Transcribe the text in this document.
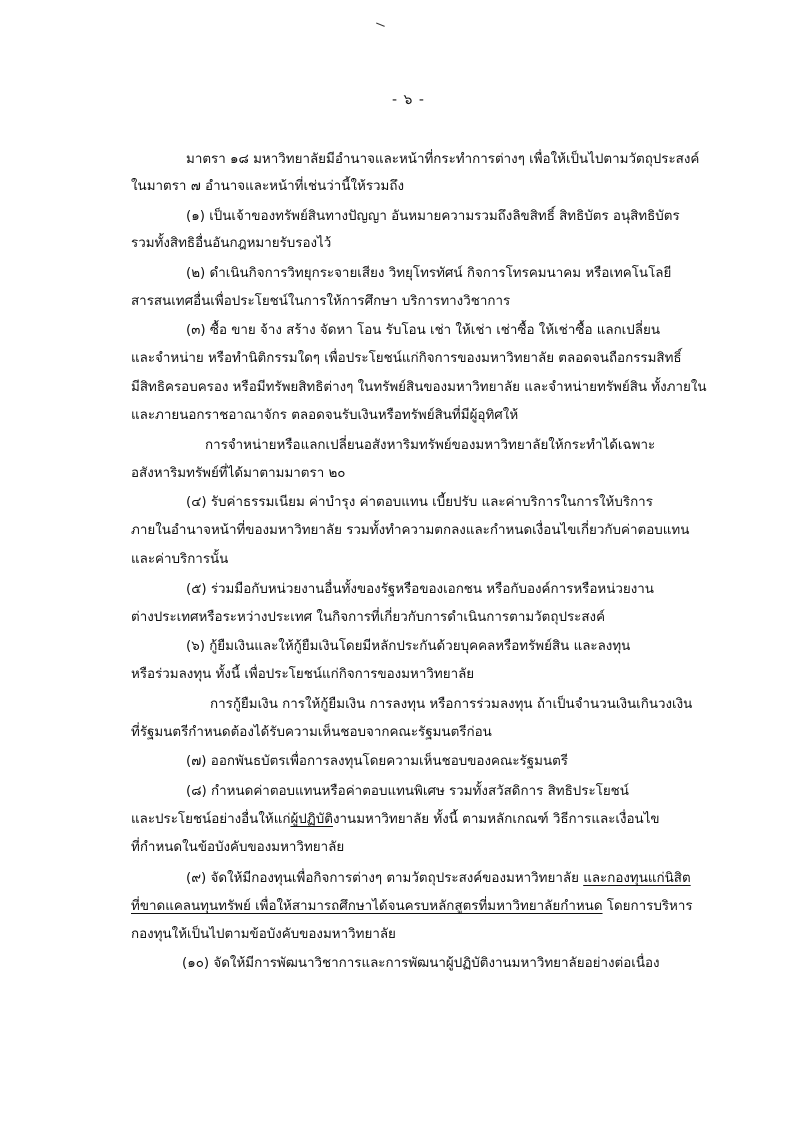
- ๖ -
มาตรา ๑๘ มหาวิทยาลัยมีอำนาจและหน้าที่กระทำการต่างๆ เพื่อให้เป็นไปตามวัตถุประสงค์
ในมาตรา ๗ อำนาจและหน้าที่เช่นว่านี้ให้รวมถึง
(๑) เป็นเจ้าของทรัพย์สินทางปัญญา อันหมายความรวมถึงลิขสิทธิ์ สิทธิบัตร อนุสิทธิบัตร
รวมทั้งสิทธิอื่นอันกฎหมายรับรองไว้
(๒) ดำเนินกิจการวิทยุกระจายเสียง วิทยุโทรทัศน์ กิจการโทรคมนาคม หรือเทคโนโลยี
สารสนเทศอื่นเพื่อประโยชน์ในการให้การศึกษา บริการทางวิชาการ
(๓) ซื้อ ขาย จ้าง สร้าง จัดหา โอน รับโอน เช่า ให้เช่า เช่าซื้อ ให้เช่าซื้อ แลกเปลี่ยน
และจำหน่าย หรือทำนิติกรรมใดๆ เพื่อประโยชน์แก่กิจการของมหาวิทยาลัย ตลอดจนถือกรรมสิทธิ์
มีสิทธิครอบครอง หรือมีทรัพยสิทธิต่างๆ ในทรัพย์สินของมหาวิทยาลัย และจำหน่ายทรัพย์สิน ทั้งภายใน
และภายนอกราชอาณาจักร ตลอดจนรับเงินหรือทรัพย์สินที่มีผู้อุทิศให้
การจำหน่ายหรือแลกเปลี่ยนอสังหาริมทรัพย์ของมหาวิทยาลัยให้กระทำได้เฉพาะ
อสังหาริมทรัพย์ที่ได้มาตามมาตรา ๒๐
(๔) รับค่าธรรมเนียม ค่าบำรุง ค่าตอบแทน เบี้ยปรับ และค่าบริการในการให้บริการ
ภายในอำนาจหน้าที่ของมหาวิทยาลัย รวมทั้งทำความตกลงและกำหนดเงื่อนไขเกี่ยวกับค่าตอบแทน
และค่าบริการนั้น
(๕) ร่วมมือกับหน่วยงานอื่นทั้งของรัฐหรือของเอกชน หรือกับองค์การหรือหน่วยงาน
ต่างประเทศหรือระหว่างประเทศ ในกิจการที่เกี่ยวกับการดำเนินการตามวัตถุประสงค์
(๖) กู้ยืมเงินและให้กู้ยืมเงินโดยมีหลักประกันด้วยบุคคลหรือทรัพย์สิน และลงทุน
หรือร่วมลงทุน ทั้งนี้ เพื่อประโยชน์แก่กิจการของมหาวิทยาลัย
การกู้ยืมเงิน การให้กู้ยืมเงิน การลงทุน หรือการร่วมลงทุน ถ้าเป็นจำนวนเงินเกินวงเงิน
ที่รัฐมนตรีกำหนดต้องได้รับความเห็นชอบจากคณะรัฐมนตรีก่อน
(๗) ออกพันธบัตรเพื่อการลงทุนโดยความเห็นชอบของคณะรัฐมนตรี
(๘) กำหนดค่าตอบแทนหรือค่าตอบแทนพิเศษ รวมทั้งสวัสดิการ สิทธิประโยชน์
และประโยชน์อย่างอื่นให้แก่ผู้ปฏิบัติงานมหาวิทยาลัย ทั้งนี้ ตามหลักเกณฑ์ วิธีการและเงื่อนไข
ที่กำหนดในข้อบังคับของมหาวิทยาลัย
(๙) จัดให้มีกองทุนเพื่อกิจการต่างๆ ตามวัตถุประสงค์ของมหาวิทยาลัย และกองทุนแก่นิสิต
ที่ขาดแคลนทุนทรัพย์ เพื่อให้สามารถศึกษาได้จนครบหลักสูตรที่มหาวิทยาลัยกำหนด โดยการบริหาร
กองทุนให้เป็นไปตามข้อบังคับของมหาวิทยาลัย
(๑๐) จัดให้มีการพัฒนาวิชาการและการพัฒนาผู้ปฏิบัติงานมหาวิทยาลัยอย่างต่อเนื่อง
